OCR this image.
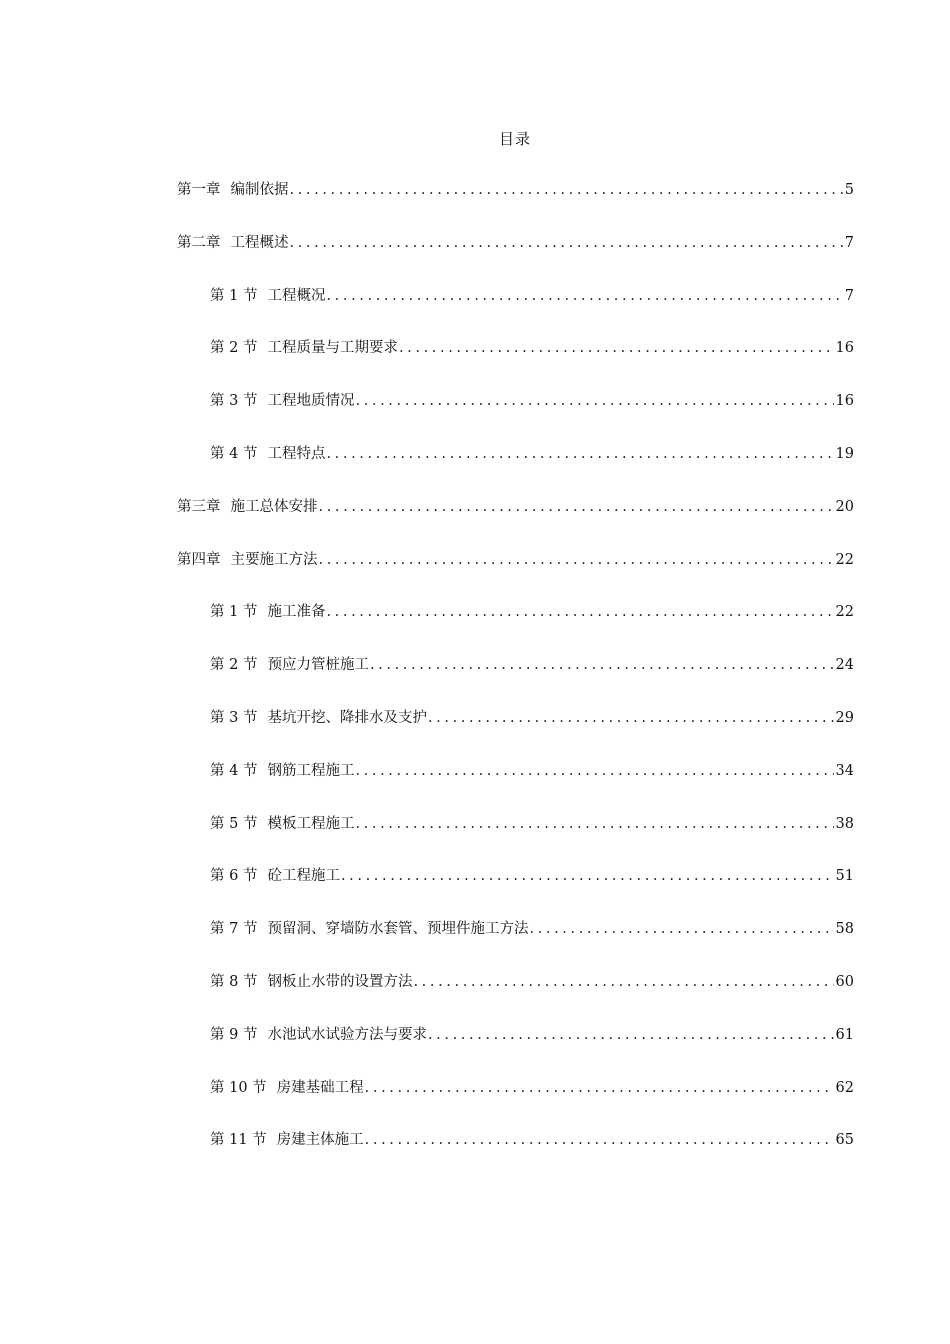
目录
第一章 编制依据 .....	5
第二章 工程概述 .....	7
第 1 节 工程概况 .....	7
第 2 节 工程质量与工期要求 .....	16
第 3 节 工程地质情况 .....	16
第 4 节 工程特点 .....	19
第三章 施工总体安排 .....	20
第四章 主要施工方法 .....	22
第 1 节 施工准备 .....	22
第 2 节 预应力管桩施工 .....	24
第 3 节 基坑开挖、降排水及支护 .....	29
第 4 节 钢筋工程施工 .....	34
第 5 节 模板工程施工 .....	38
第 6 节 砼工程施工 .....	51
第 7 节 预留洞、穿墙防水套管、预埋件施工方法 .....	58
第 8 节 钢板止水带的设置方法 .....	60
第 9 节 水池试水试验方法与要求 .....	61
第 10 节 房建基础工程 .....	62
第 11 节 房建主体施工 .....	65
